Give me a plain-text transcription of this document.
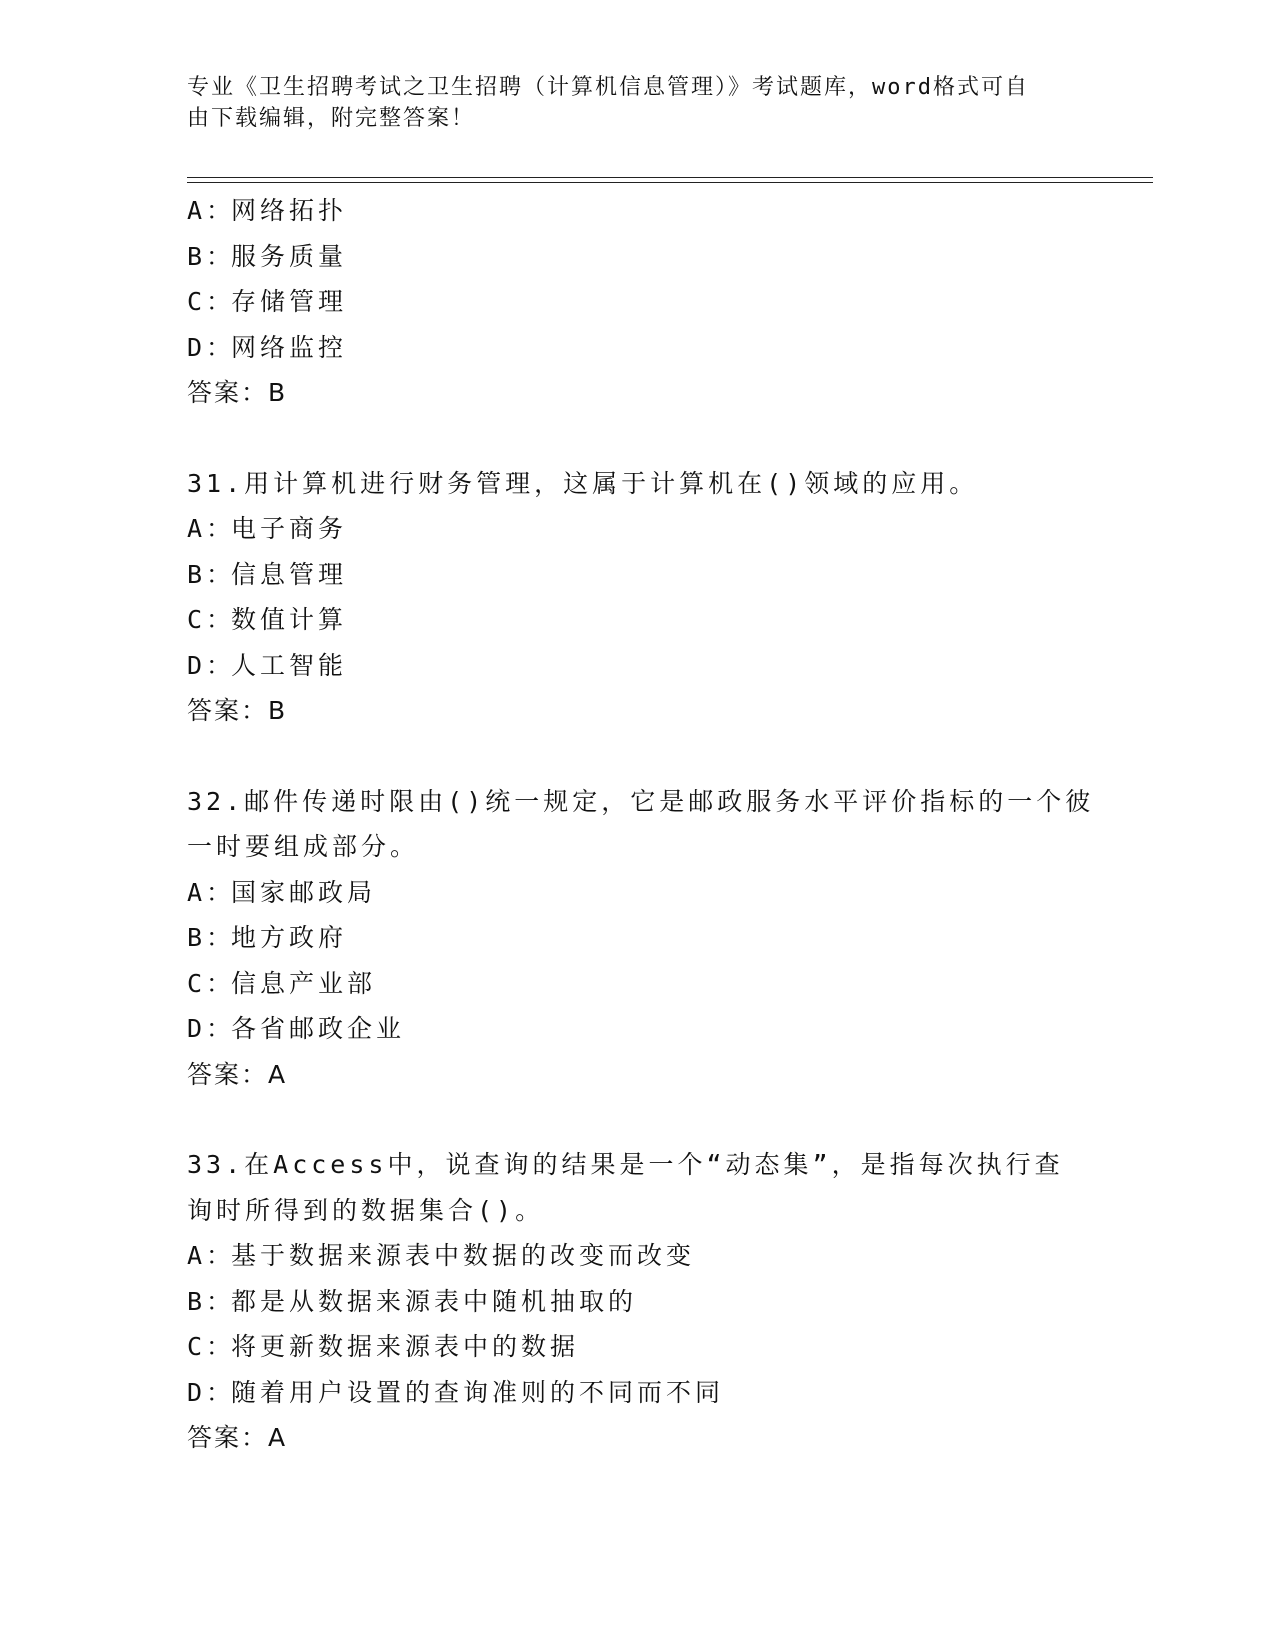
专业《卫生招聘考试之卫生招聘（计算机信息管理）》考试题库，word格式可自
由下载编辑，附完整答案！
A：网络拓扑
B：服务质量
C：存储管理
D：网络监控
答案：B
31.用计算机进行财务管理，这属于计算机在()领域的应用。
A：电子商务
B：信息管理
C：数值计算
D：人工智能
答案：B
32.邮件传递时限由()统一规定，它是邮政服务水平评价指标的一个彼
一时要组成部分。
A：国家邮政局
B：地方政府
C：信息产业部
D：各省邮政企业
答案：A
33.在Access中，说查询的结果是一个“动态集”，是指每次执行查
询时所得到的数据集合()。
A：基于数据来源表中数据的改变而改变
B：都是从数据来源表中随机抽取的
C：将更新数据来源表中的数据
D：随着用户设置的查询准则的不同而不同
答案：A
